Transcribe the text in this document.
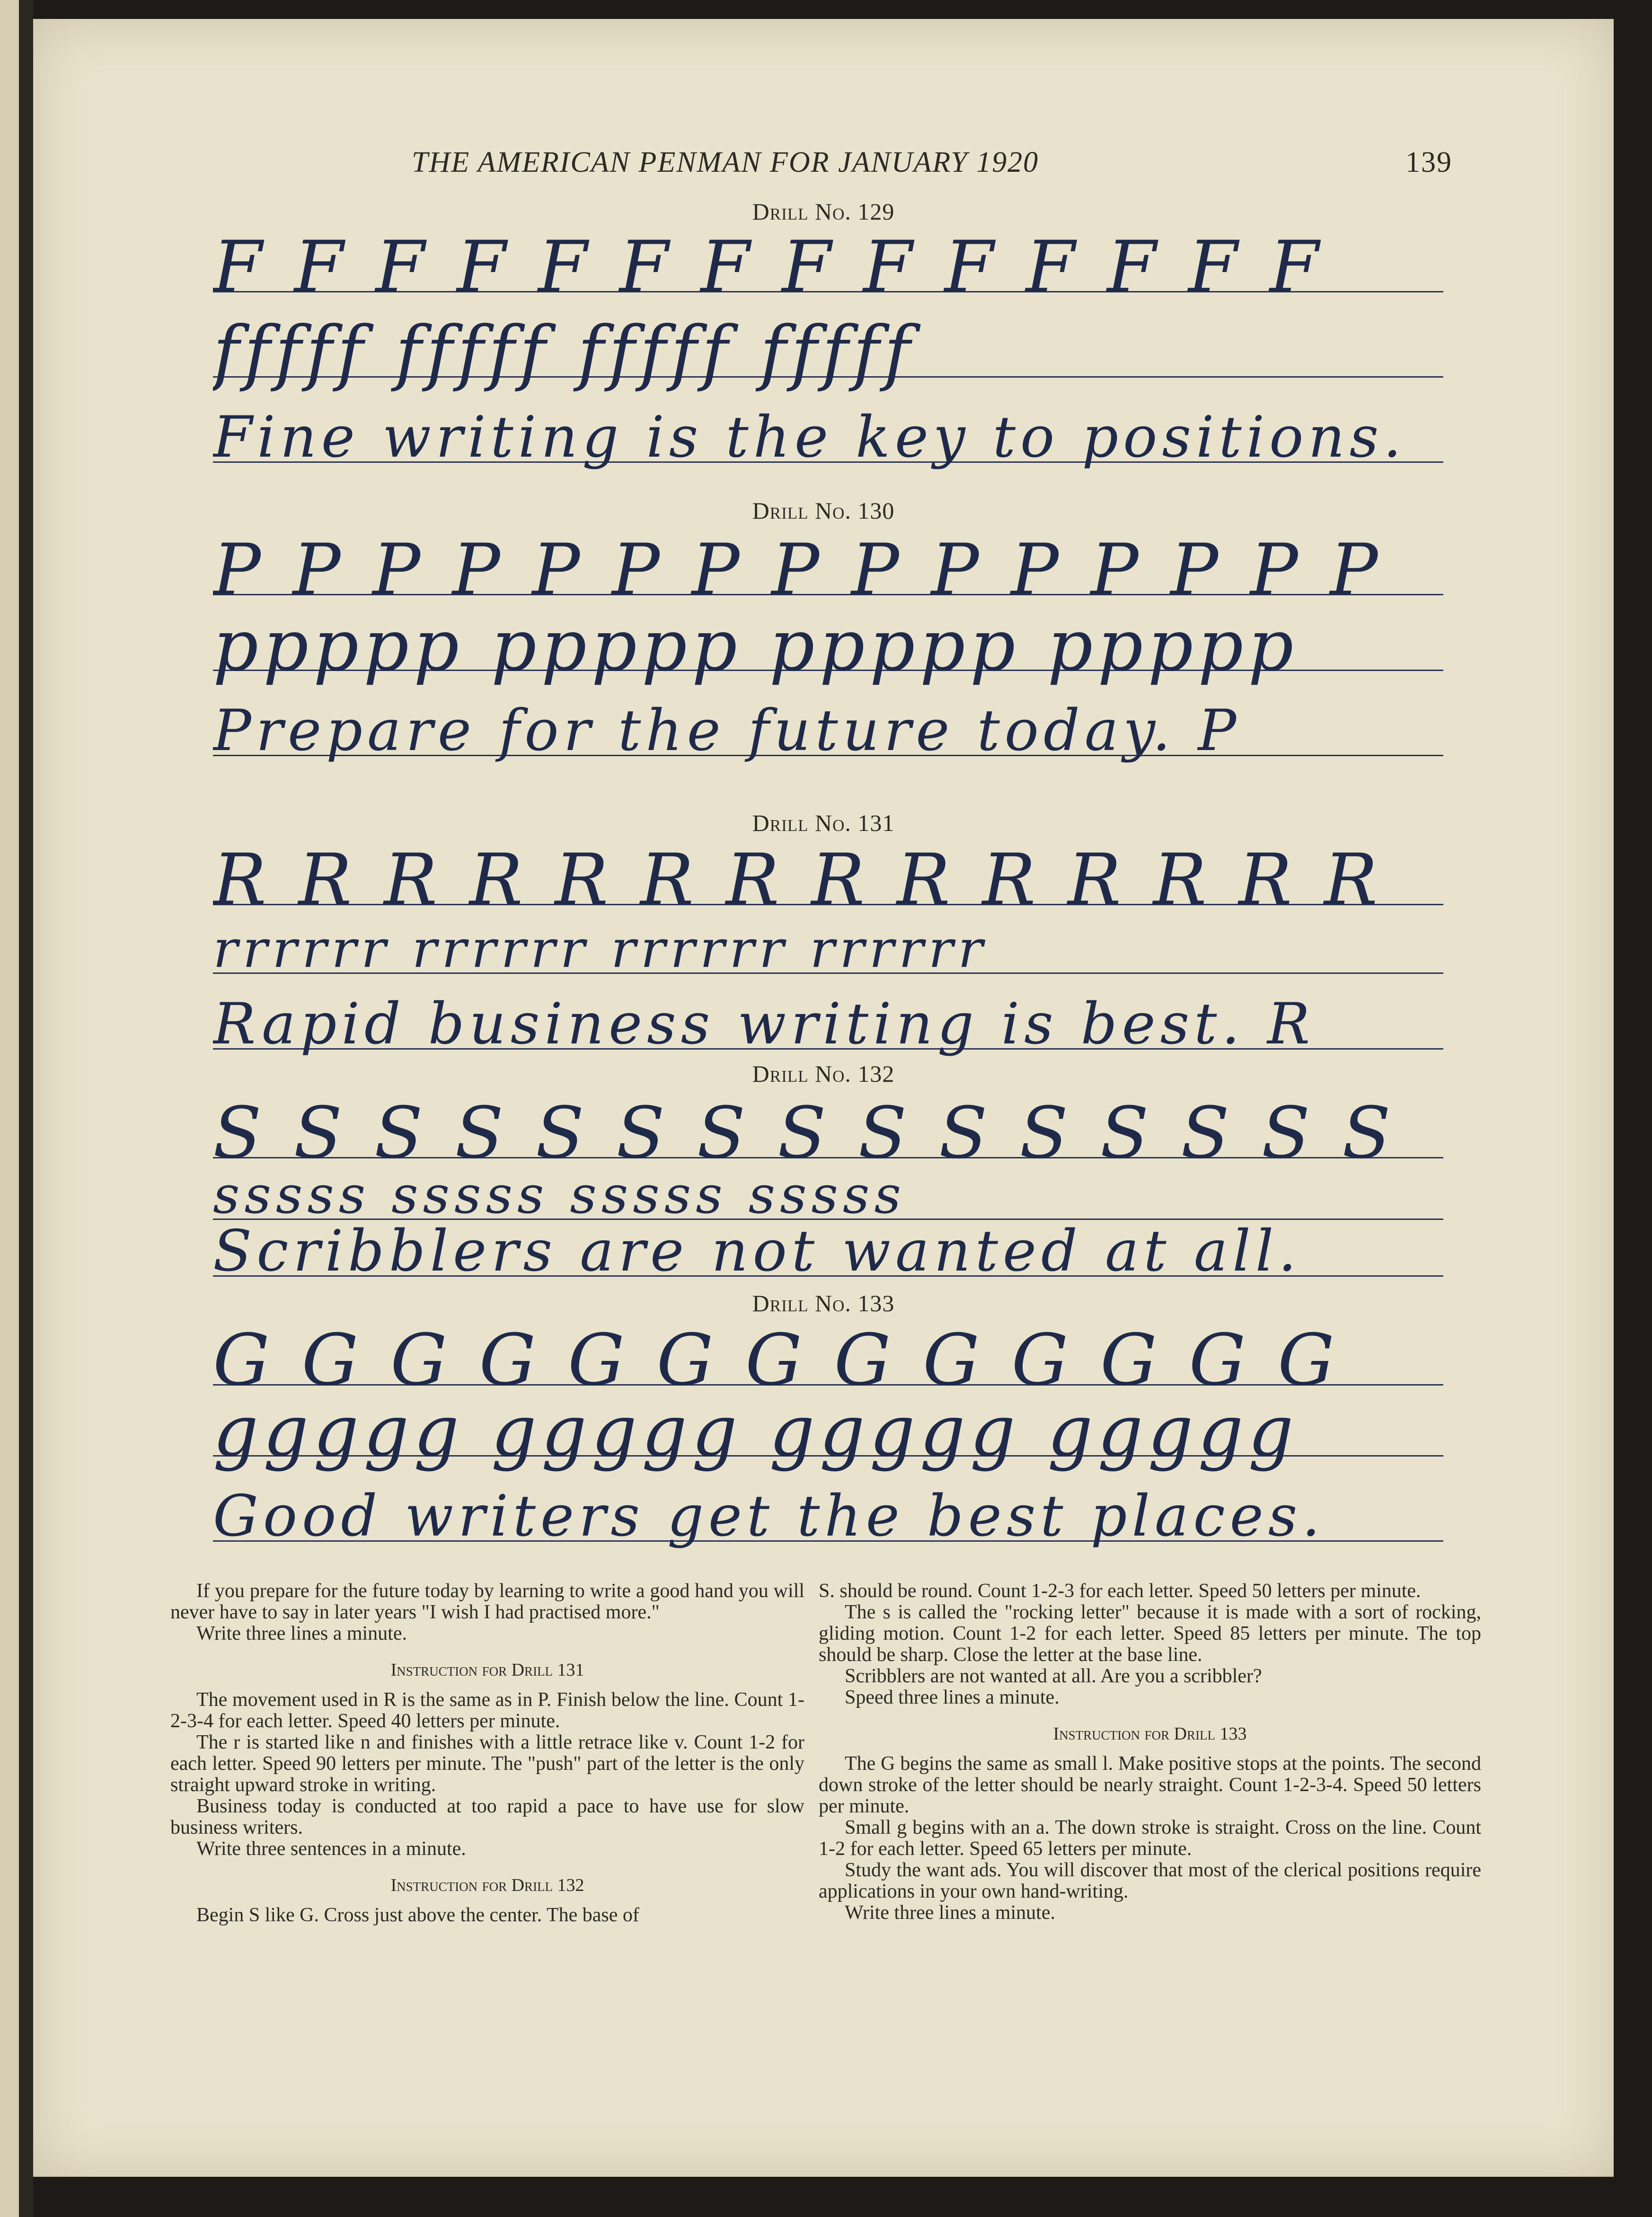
THE AMERICAN PENMAN FOR JANUARY 1920	139
Drill No. 129
F F F F F F F F F F F F F F
fffff fffff fffff fffff
Fine writing is the key to positions.
Drill No. 130
P P P P P P P P P P P P P P P
ppppp ppppp ppppp ppppp
Prepare for the future today. P
Drill No. 131
R R R R R R R R R R R R R R
rrrrrr rrrrrr rrrrrr rrrrrr
Rapid business writing is best. R
Drill No. 132
S S S S S S S S S S S S S S S
sssss sssss sssss sssss
Scribblers are not wanted at all.
Drill No. 133
G G G G G G G G G G G G G
ggggg ggggg ggggg ggggg
Good writers get the best places.

If you prepare for the future today by learning to write a good hand you will never have to say in later years "I wish I had practised more."

Write three lines a minute.

Instruction for Drill 131

The movement used in R is the same as in P. Finish below the line. Count 1-2-3-4 for each letter. Speed 40 letters per minute.

The r is started like n and finishes with a little retrace like v. Count 1-2 for each letter. Speed 90 letters per minute. The "push" part of the letter is the only straight upward stroke in writing.

Business today is conducted at too rapid a pace to have use for slow business writers.

Write three sentences in a minute.

Instruction for Drill 132

Begin S like G. Cross just above the center. The base of

S. should be round. Count 1-2-3 for each letter. Speed 50 letters per minute.

The s is called the "rocking letter" because it is made with a sort of rocking, gliding motion. Count 1-2 for each letter. Speed 85 letters per minute. The top should be sharp. Close the letter at the base line.

Scribblers are not wanted at all. Are you a scribbler?

Speed three lines a minute.

Instruction for Drill 133

The G begins the same as small l. Make positive stops at the points. The second down stroke of the letter should be nearly straight. Count 1-2-3-4. Speed 50 letters per minute.

Small g begins with an a. The down stroke is straight. Cross on the line. Count 1-2 for each letter. Speed 65 letters per minute.

Study the want ads. You will discover that most of the clerical positions require applications in your own hand-writing.

Write three lines a minute.
